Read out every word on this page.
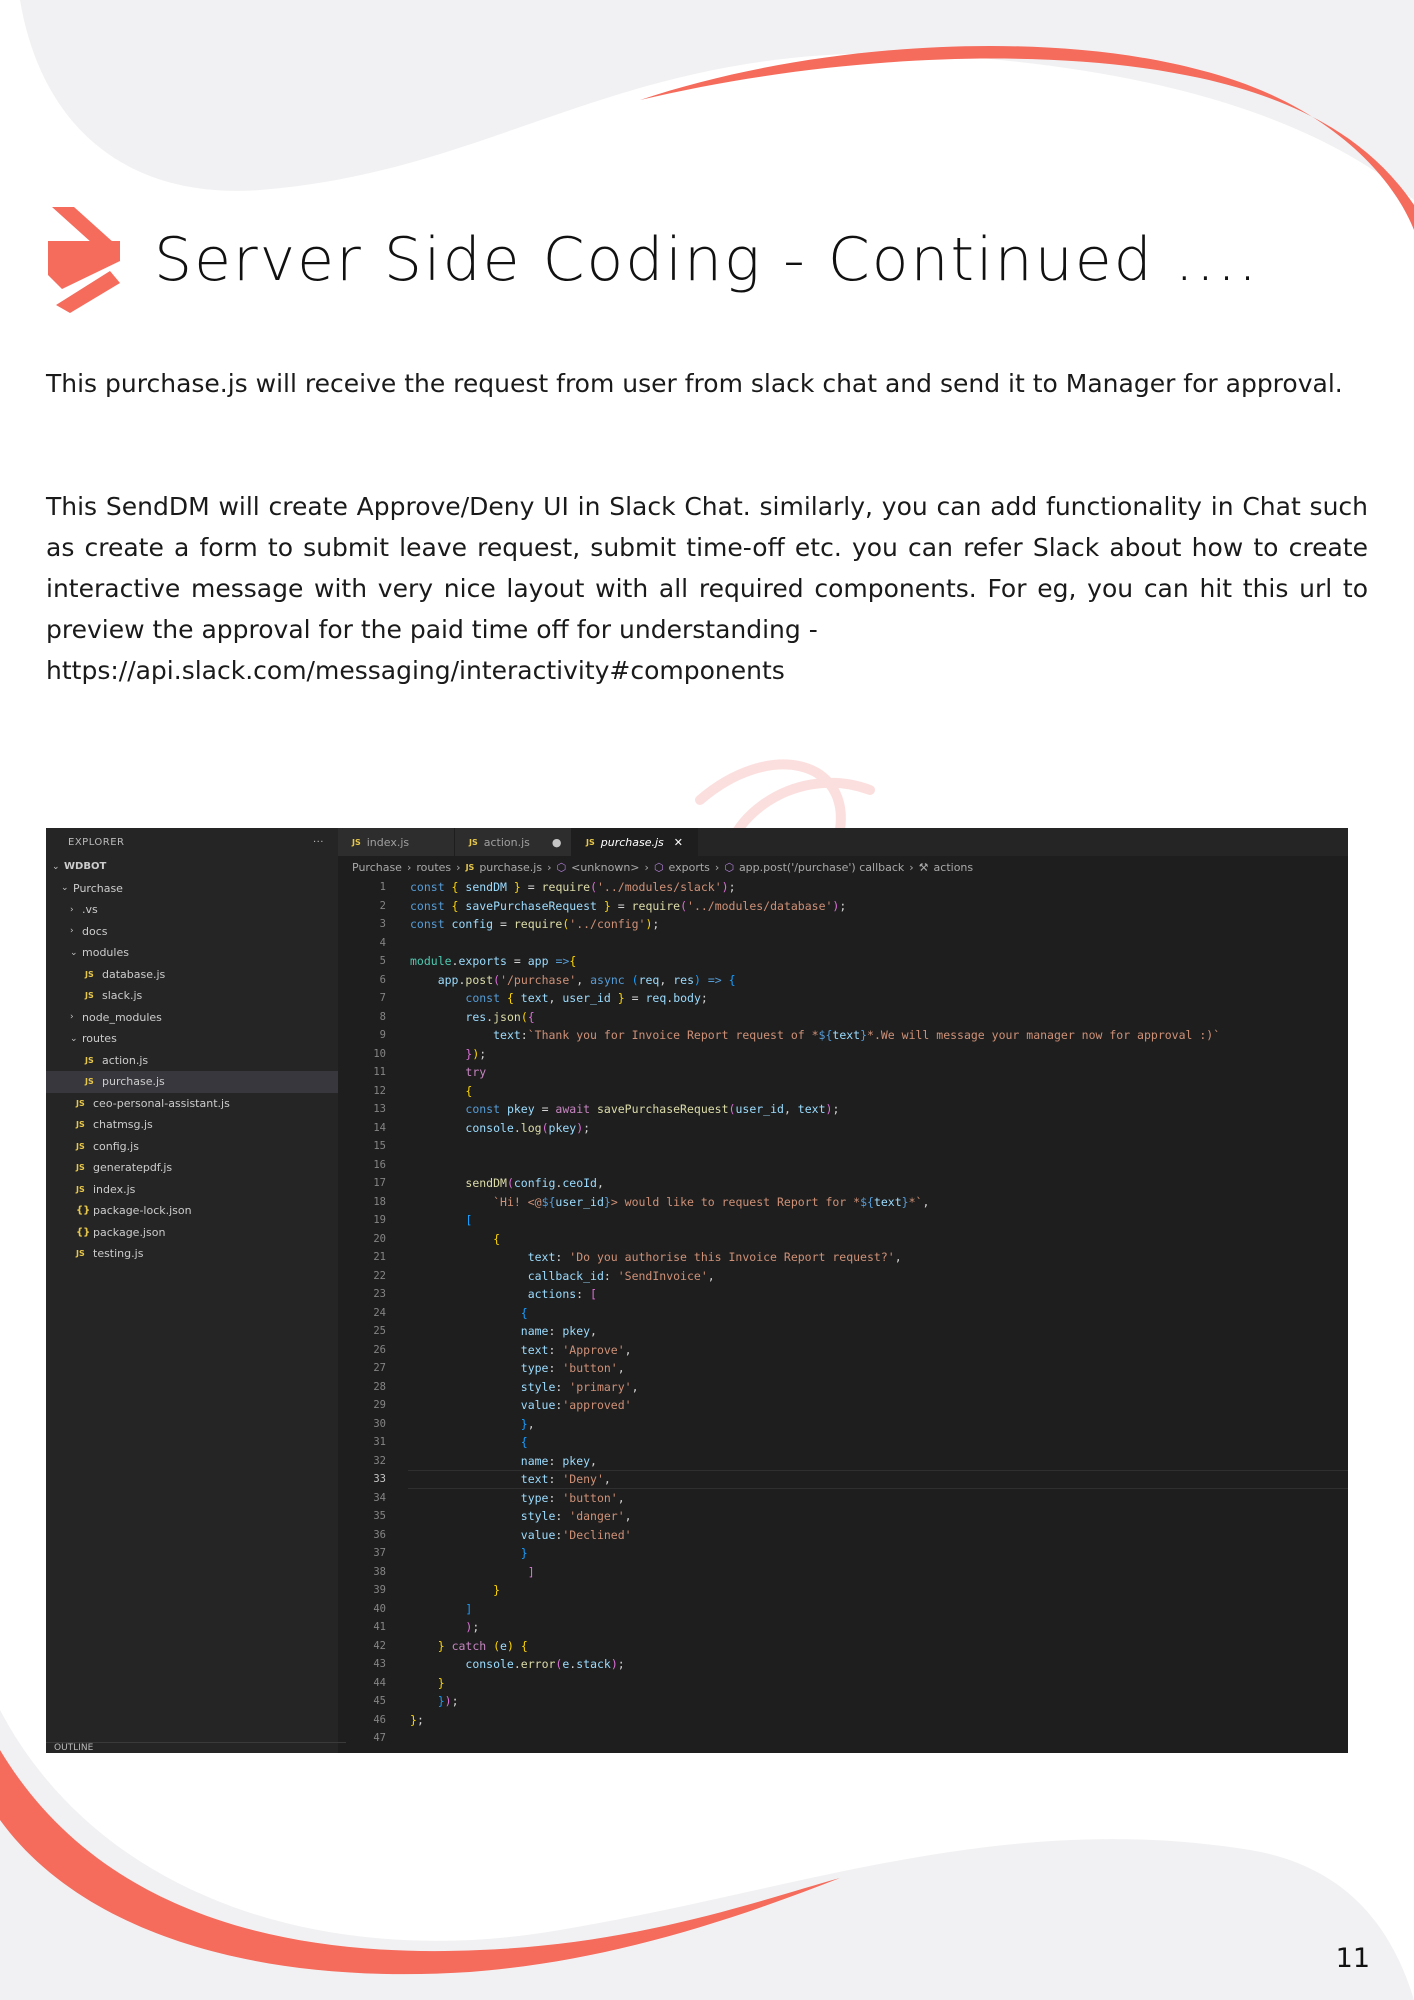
Server Side Coding - Continued ....

This purchase.js will receive the request from user from slack chat and send it to Manager for approval.

This SendDM will create Approve/Deny UI in Slack Chat. similarly, you can add functionality in Chat such as create a form to submit leave request, submit time-off etc. you can refer Slack about how to create interactive message with very nice layout with all required components. For eg, you can hit this url to preview the approval for the paid time off for understanding -
https://api.slack.com/messaging/interactivity#components
EXPLORER	···
⌄ WDBOT
⌄ Purchase
› .vs
› docs
⌄ modules
JS database.js
JS slack.js
› node_modules
⌄ routes
JS action.js
JS purchase.js
JS ceo-personal-assistant.js
JS chatmsg.js
JS config.js
JS generatepdf.js
JS index.js
{} package-lock.json
{} package.json
JS testing.js
OUTLINE
JS index.js	JS action.js ●	JS purchase.js ✕
Purchase › routes › JS purchase.js › ⬡ <unknown> › ⬡ exports › ⬡ app.post('/purchase') callback › ⚒ actions
1 const { sendDM } = require('../modules/slack');
2 const { savePurchaseRequest } = require('../modules/database');
3 const config = require('../config');
4
5 module.exports = app =>{
6	app.post('/purchase', async (req, res) => {
7	const { text, user_id } = req.body;
8	res.json({
9	text:`Thank you for Invoice Report request of *${text}*.We will message your manager now for approval :)`
10	});
11	try
12	{
13	const pkey = await savePurchaseRequest(user_id, text);
14	console.log(pkey);
15
16
17	sendDM(config.ceoId,
18	`Hi! <@${user_id}> would like to request Report for *${text}*`,
19	[
20	{
21	text: 'Do you authorise this Invoice Report request?',
22	callback_id: 'SendInvoice',
23	actions: [
24	{
25	name: pkey,
26	text: 'Approve',
27	type: 'button',
28	style: 'primary',
29	value:'approved'
30	},
31	{
32	name: pkey,
33	text: 'Deny',
34	type: 'button',
35	style: 'danger',
36	value:'Declined'
37	}
38	]
39	}
40	]
41	);
42	} catch (e) {
43	console.error(e.stack);
44	}
45	});
46 };
47
11
